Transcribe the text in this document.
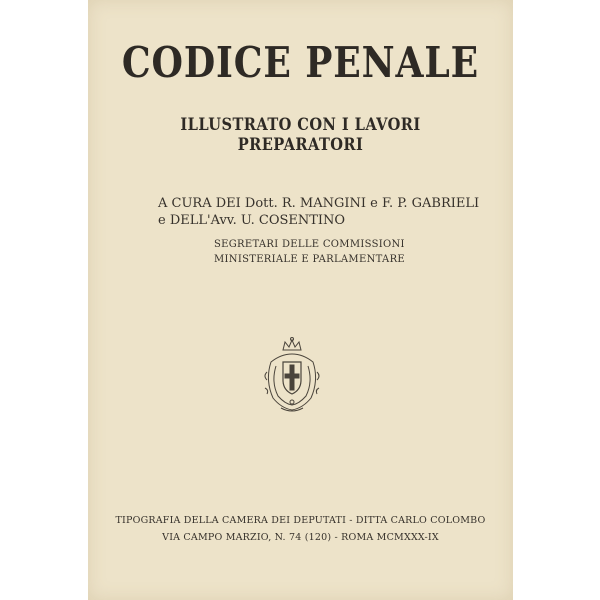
CODICE PENALE
ILLUSTRATO CON I LAVORI PREPARATORI
A CURA DEI Dott. R. MANGINI e F. P. GABRIELI
e DELL'Avv. U. COSENTINO
SEGRETARI DELLE COMMISSIONI
MINISTERIALE E PARLAMENTARE
TIPOGRAFIA DELLA CAMERA DEI DEPUTATI - DITTA CARLO COLOMBO
VIA CAMPO MARZIO, N. 74 (120) - ROMA MCMXXX-IX
